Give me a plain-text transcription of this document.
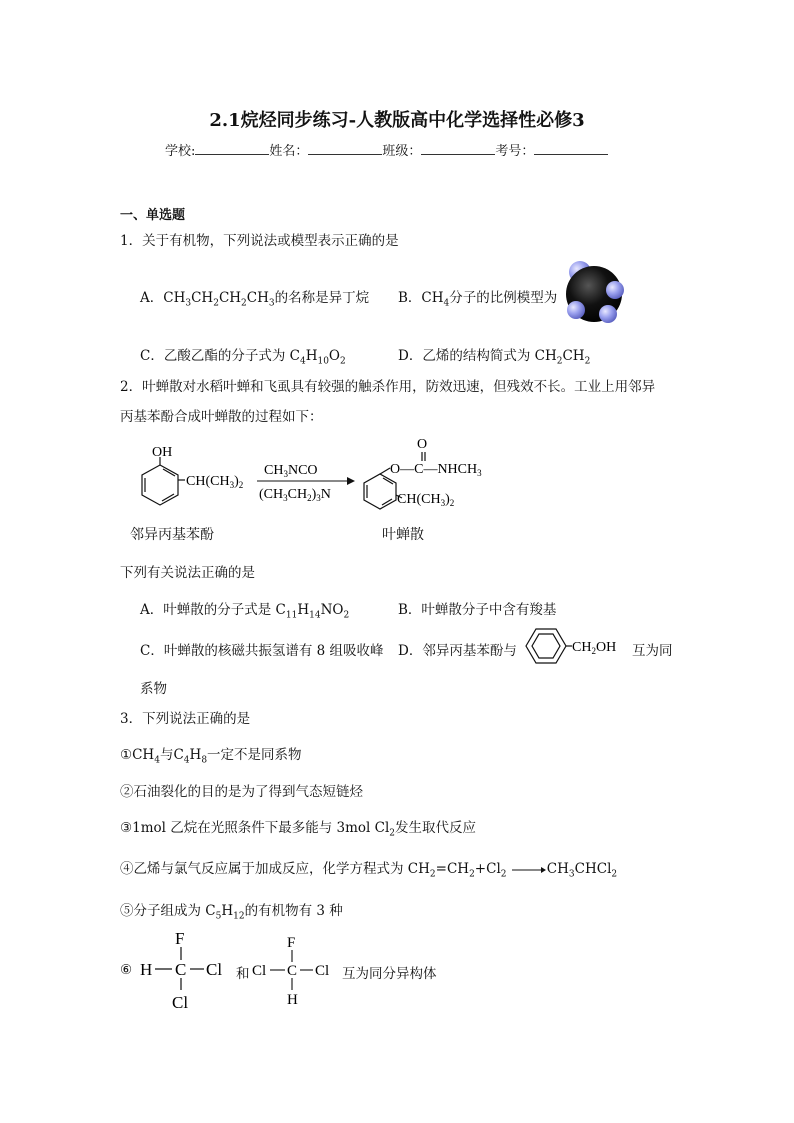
2.1烷烃同步练习-人教版高中化学选择性必修3
学校:	姓名：	班级：	考号：
一、单选题
1．关于有机物，下列说法或模型表示正确的是
A．$CH_3CH_2CH_2CH_3$的名称是异丁烷 B．$CH_4$分子的比例模型为
C．乙酸乙酯的分子式为 $C_4H_{10}O_2$	D．乙烯的结构简式为 $CH_2CH_2$
2．叶蝉散对水稻叶蝉和飞虱具有较强的触杀作用，防效迅速，但残效不长。工业上用邻异
丙基苯酚合成叶蝉散的过程如下：
OH
$CH(CH_3)_2$
$CH_3NCO$
$(CH_3CH_2)_3N$
O
$O—C—NHCH_3$
$CH(CH_3)_2$
邻异丙基苯酚	叶蝉散
下列有关说法正确的是
A．叶蝉散的分子式是 $C_{11}H_{14}NO_2$	B．叶蝉散分子中含有羧基
C．叶蝉散的核磁共振氢谱有 8 组吸收峰 D．邻异丙基苯酚与	$CH_2OH$ 互为同
系物
3．下列说法正确的是
$①CH_4$与$C_4H_8$一定不是同系物
②石油裂化的目的是为了得到气态短链烃
③1mol 乙烷在光照条件下最多能与 3mol $Cl_2$发生取代反应
④乙烯与氯气反应属于加成反应，化学方程式为 $CH_2=CH_2+Cl_2$ $\to CH_3CHCl_2$
⑤分子组成为 $C_5H_{12}$的有机物有 3 种
⑥ H C Cl
F
Cl
和 Cl C Cl
F
H
互为同分异构体
